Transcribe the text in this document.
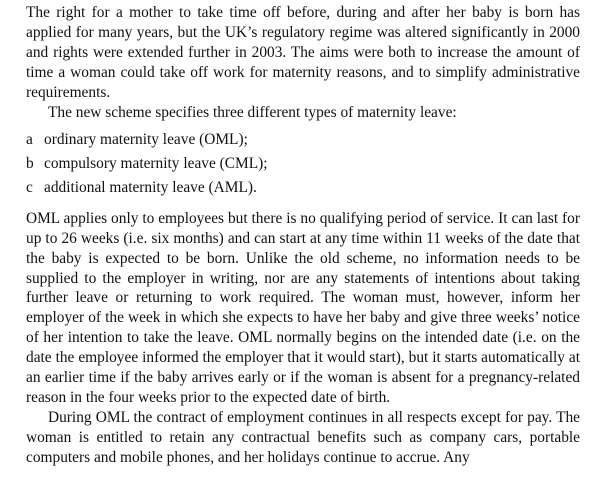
The right for a mother to take time off before, during and after her baby is born has applied for many years, but the UK’s regulatory regime was altered significantly in 2000 and rights were extended further in 2003. The aims were both to increase the amount of time a woman could take off work for maternity reasons, and to simplify administrative requirements.

The new scheme specifies three different types of maternity leave:

a ordinary maternity leave (OML);
b compulsory maternity leave (CML);
c additional maternity leave (AML).

OML applies only to employees but there is no qualifying period of service. It can last for up to 26 weeks (i.e. six months) and can start at any time within 11 weeks of the date that the baby is expected to be born. Unlike the old scheme, no information needs to be supplied to the employer in writing, nor are any statements of intentions about taking further leave or returning to work required. The woman must, however, inform her employer of the week in which she expects to have her baby and give three weeks’ notice of her intention to take the leave. OML normally begins on the intended date (i.e. on the date the employee informed the employer that it would start), but it starts automatically at an earlier time if the baby arrives early or if the woman is absent for a pregnancy-related reason in the four weeks prior to the expected date of birth.

During OML the contract of employment continues in all respects except for pay. The woman is entitled to retain any contractual benefits such as company cars, portable computers and mobile phones, and her holidays continue to accrue. Any
